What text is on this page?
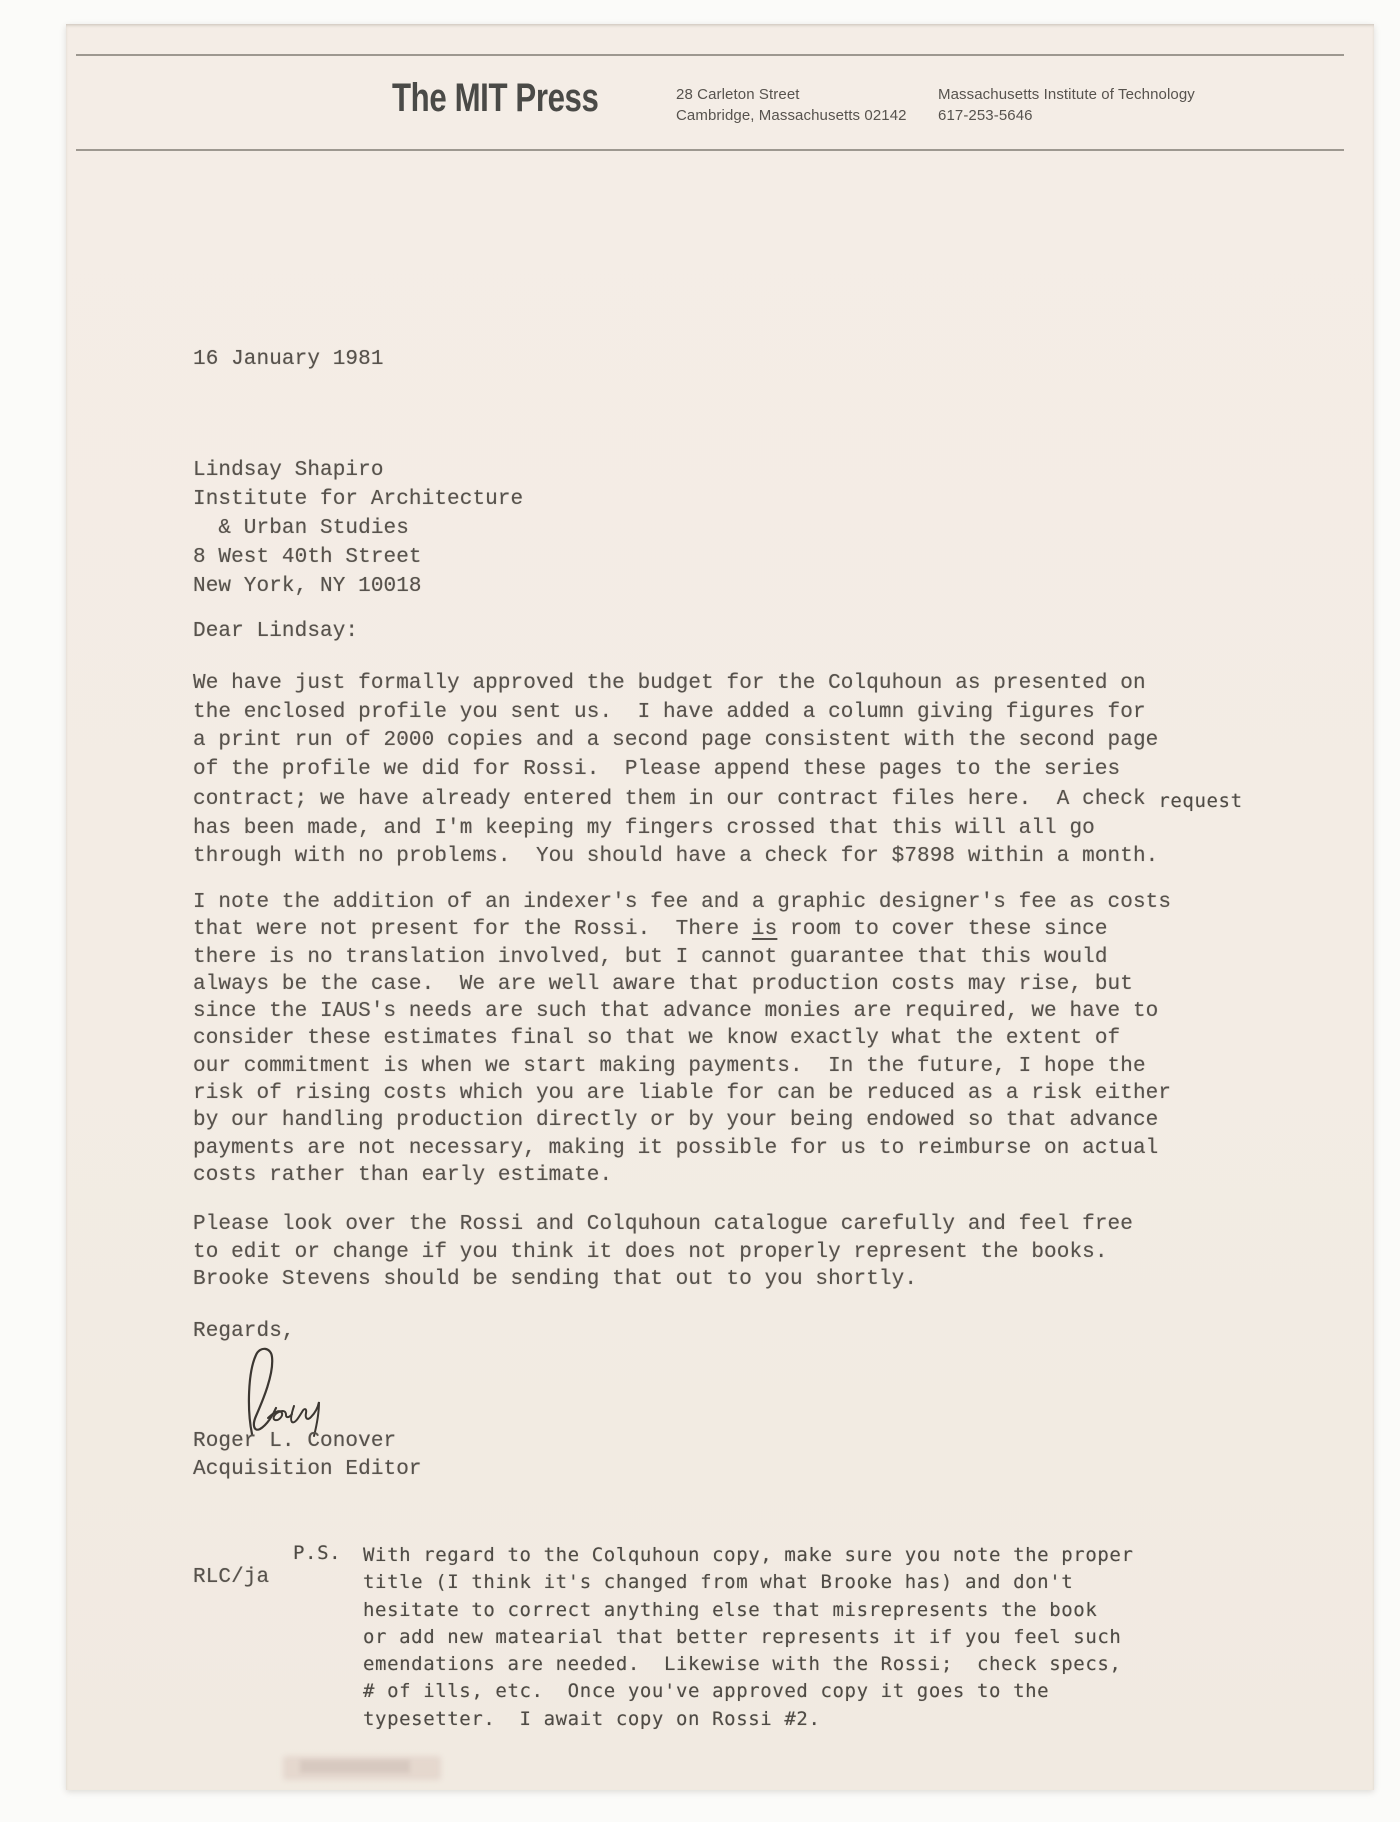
The MIT Press	28 Carleton Street
Cambridge, Massachusetts 02142
Massachusetts Institute of Technology
617-253-5646
16 January 1981
Lindsay Shapiro
Institute for Architecture
& Urban Studies
8 West 40th Street
New York, NY 10018
Dear Lindsay:
We have just formally approved the budget for the Colquhoun as presented on
the enclosed profile you sent us.  I have added a column giving figures for
a print run of 2000 copies and a second page consistent with the second page
of the profile we did for Rossi.  Please append these pages to the series
contract; we have already entered them in our contract files here.  A check request
has been made, and I'm keeping my fingers crossed that this will all go
through with no problems.  You should have a check for $7898 within a month.
I note the addition of an indexer's fee and a graphic designer's fee as costs
that were not present for the Rossi.  There is room to cover these since
there is no translation involved, but I cannot guarantee that this would
always be the case.  We are well aware that production costs may rise, but
since the IAUS's needs are such that advance monies are required, we have to
consider these estimates final so that we know exactly what the extent of
our commitment is when we start making payments.  In the future, I hope the
risk of rising costs which you are liable for can be reduced as a risk either
by our handling production directly or by your being endowed so that advance
payments are not necessary, making it possible for us to reimburse on actual
costs rather than early estimate.
Please look over the Rossi and Colquhoun catalogue carefully and feel free
to edit or change if you think it does not properly represent the books.
Brooke Stevens should be sending that out to you shortly.
Regards,
Roger L. Conover
Acquisition Editor
RLC/ja
P.S. With regard to the Colquhoun copy, make sure you note the proper
title (I think it's changed from what Brooke has) and don't
hesitate to correct anything else that misrepresents the book
or add new matearial that better represents it if you feel such
emendations are needed.  Likewise with the Rossi;  check specs,
# of ills, etc.  Once you've approved copy it goes to the
typesetter.  I await copy on Rossi #2.
